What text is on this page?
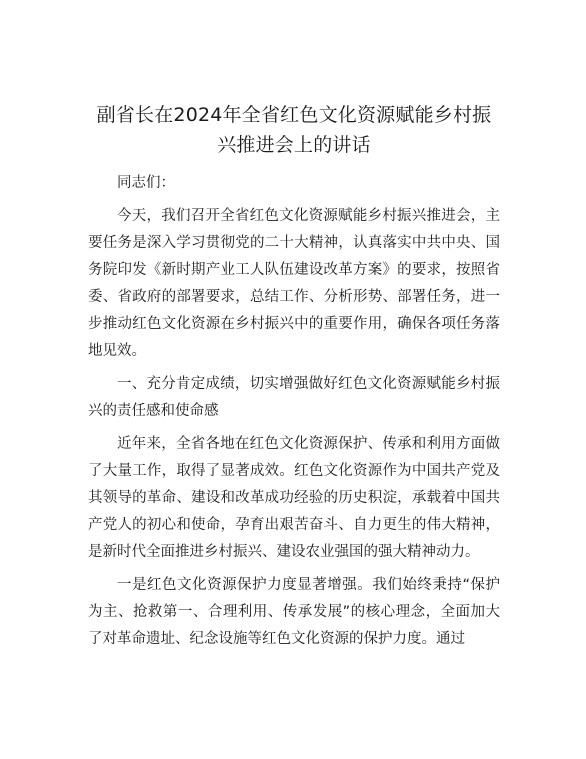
副省长在2024年全省红色文化资源赋能乡村振兴推进会上的讲话

同志们：

今天，我们召开全省红色文化资源赋能乡村振兴推进会，主要任务是深入学习贯彻党的二十大精神，认真落实中共中央、国务院印发《新时期产业工人队伍建设改革方案》的要求，按照省委、省政府的部署要求，总结工作、分析形势、部署任务，进一步推动红色文化资源在乡村振兴中的重要作用，确保各项任务落地见效。

一、充分肯定成绩，切实增强做好红色文化资源赋能乡村振兴的责任感和使命感

近年来，全省各地在红色文化资源保护、传承和利用方面做了大量工作，取得了显著成效。红色文化资源作为中国共产党及其领导的革命、建设和改革成功经验的历史积淀，承载着中国共产党人的初心和使命，孕育出艰苦奋斗、自力更生的伟大精神，是新时代全面推进乡村振兴、建设农业强国的强大精神动力。

一是红色文化资源保护力度显著增强。我们始终秉持“保护为主、抢救第一、合理利用、传承发展”的核心理念，全面加大了对革命遗址、纪念设施等红色文化资源的保护力度。通过
